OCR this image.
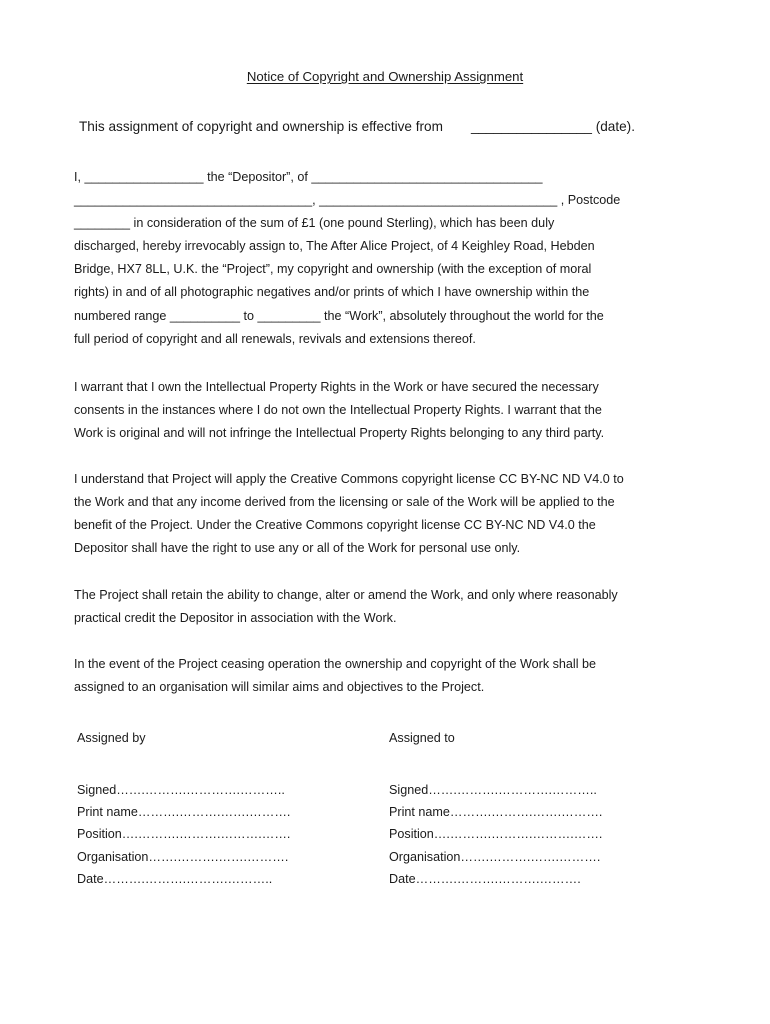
Notice of Copyright and Ownership Assignment
This assignment of copyright and ownership is effective from ________________ (date).

I, _________________ the “Depositor”, of _________________________________

__________________________________, __________________________________ , Postcode

________ in consideration of the sum of £1 (one pound Sterling), which has been duly

discharged, hereby irrevocably assign to, The After Alice Project, of 4 Keighley Road, Hebden

Bridge, HX7 8LL, U.K. the “Project”, my copyright and ownership (with the exception of moral

rights) in and of all photographic negatives and/or prints of which I have ownership within the

numbered range __________ to _________ the “Work”, absolutely throughout the world for the

full period of copyright and all renewals, revivals and extensions thereof.

I warrant that I own the Intellectual Property Rights in the Work or have secured the necessary

consents in the instances where I do not own the Intellectual Property Rights. I warrant that the

Work is original and will not infringe the Intellectual Property Rights belonging to any third party.

I understand that Project will apply the Creative Commons copyright license CC BY-NC ND V4.0 to

the Work and that any income derived from the licensing or sale of the Work will be applied to the

benefit of the Project. Under the Creative Commons copyright license CC BY-NC ND V4.0 the

Depositor shall have the right to use any or all of the Work for personal use only.

The Project shall retain the ability to change, alter or amend the Work, and only where reasonably

practical credit the Depositor in association with the Work.

In the event of the Project ceasing operation the ownership and copyright of the Work shall be

assigned to an organisation will similar aims and objectives to the Project.

Assigned by
Signed…….……….………….………..
Print name……….……….…….……….
Position….……….……….……….…….
Organisation…….……….…….……….
Date……….……….……….………..
Assigned to
Signed…….……….………….………..
Print name……….……….…….……….
Position….……….……….……….…….
Organisation…….……….…….……….
Date……….……….……….……….
